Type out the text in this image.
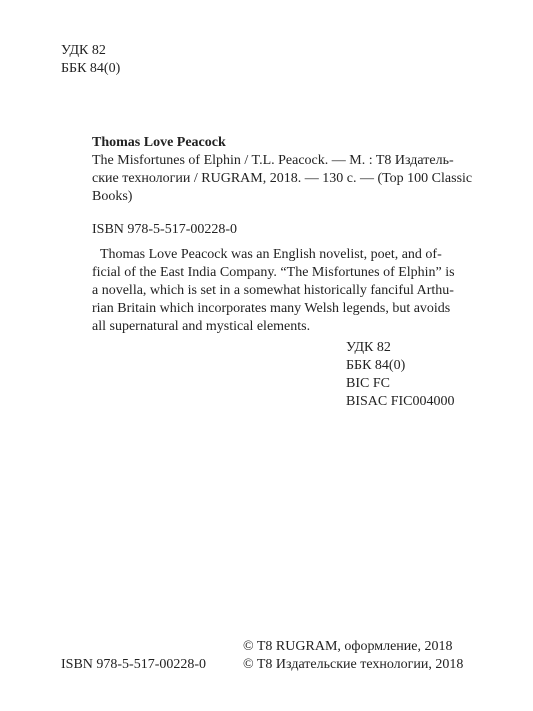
УДК 82
ББК 84(0)
Thomas Love Peacock
The Misfortunes of Elphin / T.L. Peacock. — M. : T8 Издатель-
ские технологии / RUGRAM, 2018. — 130 с. — (Top 100 Classic
Books)
ISBN 978-5-517-00228-0
Thomas Love Peacock was an English novelist, poet, and of-
ficial of the East India Company. “The Misfortunes of Elphin” is
a novella, which is set in a somewhat historically fanciful Arthu-
rian Britain which incorporates many Welsh legends, but avoids
all supernatural and mystical elements.
УДК 82
ББК 84(0)
BIC FC
BISAC FIC004000
© T8 RUGRAM, оформление, 2018
© T8 Издательские технологии, 2018
ISBN 978-5-517-00228-0
